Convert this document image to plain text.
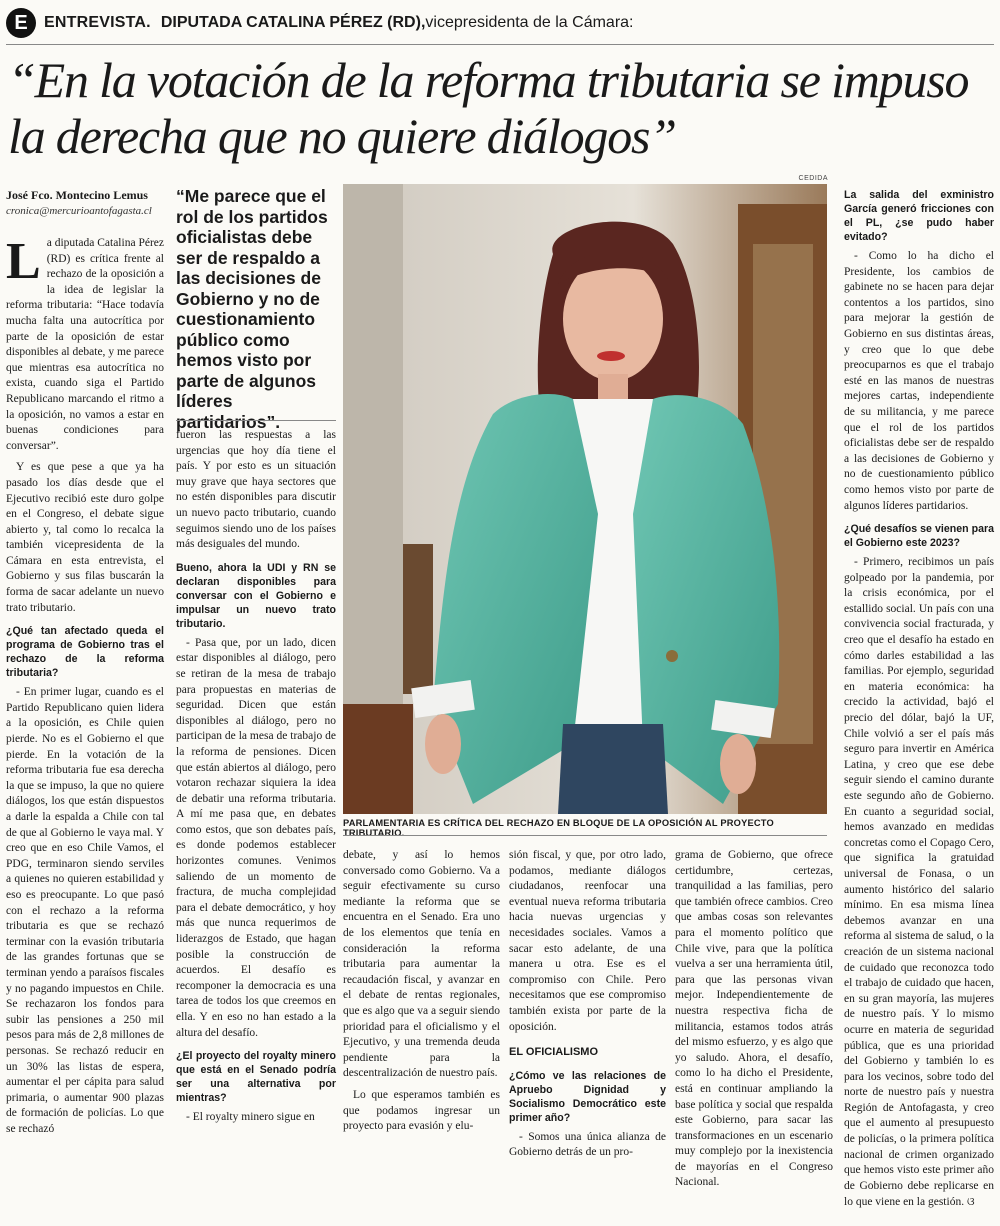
E	ENTREVISTA. DIPUTADA CATALINA PÉREZ (RD), vicepresidenta de la Cámara:
“En la votación de la reforma tributaria se impuso la derecha que no quiere diálogos”
José Fco. Montecino Lemus
cronica@mercurioantofagasta.cl

La diputada Catalina Pérez (RD) es crítica frente al rechazo de la oposición a la idea de legislar la reforma tributaria: “Hace todavía mucha falta una autocrítica por parte de la oposición de estar disponibles al debate, y me parece que mientras esa autocrítica no exista, cuando siga el Partido Republicano marcando el ritmo a la oposición, no vamos a estar en buenas condiciones para conversar”.

Y es que pese a que ya ha pasado los días desde que el Ejecutivo recibió este duro golpe en el Congreso, el debate sigue abierto y, tal como lo recalca la también vicepresidenta de la Cámara en esta entrevista, el Gobierno y sus filas buscarán la forma de sacar adelante un nuevo trato tributario.

¿Qué tan afectado queda el programa de Gobierno tras el rechazo de la reforma tributaria?

- En primer lugar, cuando es el Partido Republicano quien lidera a la oposición, es Chile quien pierde. No es el Gobierno el que pierde. En la votación de la reforma tributaria fue esa derecha la que se impuso, la que no quiere diálogos, los que están dispuestos a darle la espalda a Chile con tal de que al Gobierno le vaya mal. Y creo que en eso Chile Vamos, el PDG, terminaron siendo serviles a quienes no quieren estabilidad y eso es preocupante. Lo que pasó con el rechazo a la reforma tributaria es que se rechazó terminar con la evasión tributaria de las grandes fortunas que se terminan yendo a paraísos fiscales y no pagando impuestos en Chile. Se rechazaron los fondos para subir las pensiones a 250 mil pesos para más de 2,8 millones de personas. Se rechazó reducir en un 30% las listas de espera, aumentar el per cápita para salud primaria, o aumentar 900 plazas de formación de policías. Lo que se rechazó

“Me parece que el rol de los partidos oficialistas debe ser de respaldo a las decisiones de Gobierno y no de cuestionamiento público como hemos visto por parte de algunos líderes partidarios”.

fueron las respuestas a las urgencias que hoy día tiene el país. Y por esto es un situación muy grave que haya sectores que no estén disponibles para discutir un nuevo pacto tributario, cuando seguimos siendo uno de los países más desiguales del mundo.

Bueno, ahora la UDI y RN se declaran disponibles para conversar con el Gobierno e impulsar un nuevo trato tributario.

- Pasa que, por un lado, dicen estar disponibles al diálogo, pero se retiran de la mesa de trabajo para propuestas en materias de seguridad. Dicen que están disponibles al diálogo, pero no participan de la mesa de trabajo de la reforma de pensiones. Dicen que están abiertos al diálogo, pero votaron rechazar siquiera la idea de debatir una reforma tributaria. A mí me pasa que, en debates como estos, que son debates país, es donde podemos establecer horizontes comunes. Venimos saliendo de un momento de fractura, de mucha complejidad para el debate democrático, y hoy más que nunca requerimos de liderazgos de Estado, que hagan posible la construcción de acuerdos. El desafío es recomponer la democracia es una tarea de todos los que creemos en ella. Y en eso no han estado a la altura del desafío.

¿El proyecto del royalty minero que está en el Senado podría ser una alternativa por mientras?

- El royalty minero sigue en

CEDIDA
PARLAMENTARIA ES CRÍTICA DEL RECHAZO EN BLOQUE DE LA OPOSICIÓN AL PROYECTO TRIBUTARIO.

debate, y así lo hemos conversado como Gobierno. Va a seguir efectivamente su curso mediante la reforma que se encuentra en el Senado. Era uno de los elementos que tenía en consideración la reforma tributaria para aumentar la recaudación fiscal, y avanzar en el debate de rentas regionales, que es algo que va a seguir siendo prioridad para el oficialismo y el Ejecutivo, y una tremenda deuda pendiente para la descentralización de nuestro país.

Lo que esperamos también es que podamos ingresar un proyecto para evasión y elu-

sión fiscal, y que, por otro lado, podamos, mediante diálogos ciudadanos, reenfocar una eventual nueva reforma tributaria hacia nuevas urgencias y necesidades sociales. Vamos a sacar esto adelante, de una manera u otra. Ese es el compromiso con Chile. Pero necesitamos que ese compromiso también exista por parte de la oposición.

EL OFICIALISMO
¿Cómo ve las relaciones de Apruebo Dignidad y Socialismo Democrático este primer año?

- Somos una única alianza de Gobierno detrás de un pro-

grama de Gobierno, que ofrece certidumbre, certezas, tranquilidad a las familias, pero que también ofrece cambios. Creo que ambas cosas son relevantes para el momento político que Chile vive, para que la política vuelva a ser una herramienta útil, para que las personas vivan mejor. Independientemente de nuestra respectiva ficha de militancia, estamos todos atrás del mismo esfuerzo, y es algo que yo saludo. Ahora, el desafío, como lo ha dicho el Presidente, está en continuar ampliando la base política y social que respalda este Gobierno, para sacar las transformaciones en un escenario muy complejo por la inexistencia de mayorías en el Congreso Nacional.

La salida del exministro García generó fricciones con el PL, ¿se pudo haber evitado?

- Como lo ha dicho el Presidente, los cambios de gabinete no se hacen para dejar contentos a los partidos, sino para mejorar la gestión de Gobierno en sus distintas áreas, y creo que lo que debe preocuparnos es que el trabajo esté en las manos de nuestras mejores cartas, independiente de su militancia, y me parece que el rol de los partidos oficialistas debe ser de respaldo a las decisiones de Gobierno y no de cuestionamiento público como hemos visto por parte de algunos líderes partidarios.

¿Qué desafíos se vienen para el Gobierno este 2023?

- Primero, recibimos un país golpeado por la pandemia, por la crisis económica, por el estallido social. Un país con una convivencia social fracturada, y creo que el desafío ha estado en cómo darles estabilidad a las familias. Por ejemplo, seguridad en materia económica: ha crecido la actividad, bajó el precio del dólar, bajó la UF, Chile volvió a ser el país más seguro para invertir en América Latina, y creo que ese debe seguir siendo el camino durante este segundo año de Gobierno. En cuanto a seguridad social, hemos avanzado en medidas concretas como el Copago Cero, que significa la gratuidad universal de Fonasa, o un aumento histórico del salario mínimo. En esa misma línea debemos avanzar en una reforma al sistema de salud, o la creación de un sistema nacional de cuidado que reconozca todo el trabajo de cuidado que hacen, en su gran mayoría, las mujeres de nuestro país. Y lo mismo ocurre en materia de seguridad pública, que es una prioridad del Gobierno y también lo es para los vecinos, sobre todo del norte de nuestro país y nuestra Región de Antofagasta, y creo que el aumento al presupuesto de policías, o la primera política nacional de crimen organizado que hemos visto este primer año de Gobierno debe replicarse en lo que viene en la gestión. ଓ
